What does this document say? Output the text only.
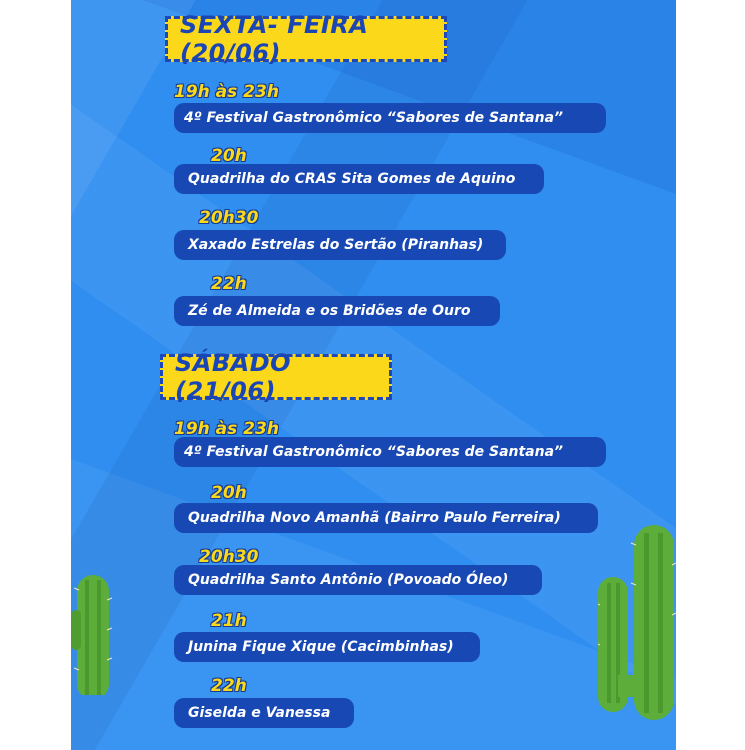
SEXTA- FEIRA (20/06)
19h às 23h
4º Festival Gastronômico “Sabores de Santana”
20h
Quadrilha do CRAS Sita Gomes de Aquino
20h30
Xaxado Estrelas do Sertão (Piranhas)
22h
Zé de Almeida e os Bridões de Ouro
SÁBADO (21/06)
19h às 23h
4º Festival Gastronômico “Sabores de Santana”
20h
Quadrilha Novo Amanhã (Bairro Paulo Ferreira)
20h30
Quadrilha Santo Antônio (Povoado Óleo)
21h
Junina Fique Xique (Cacimbinhas)
22h
Giselda e Vanessa
